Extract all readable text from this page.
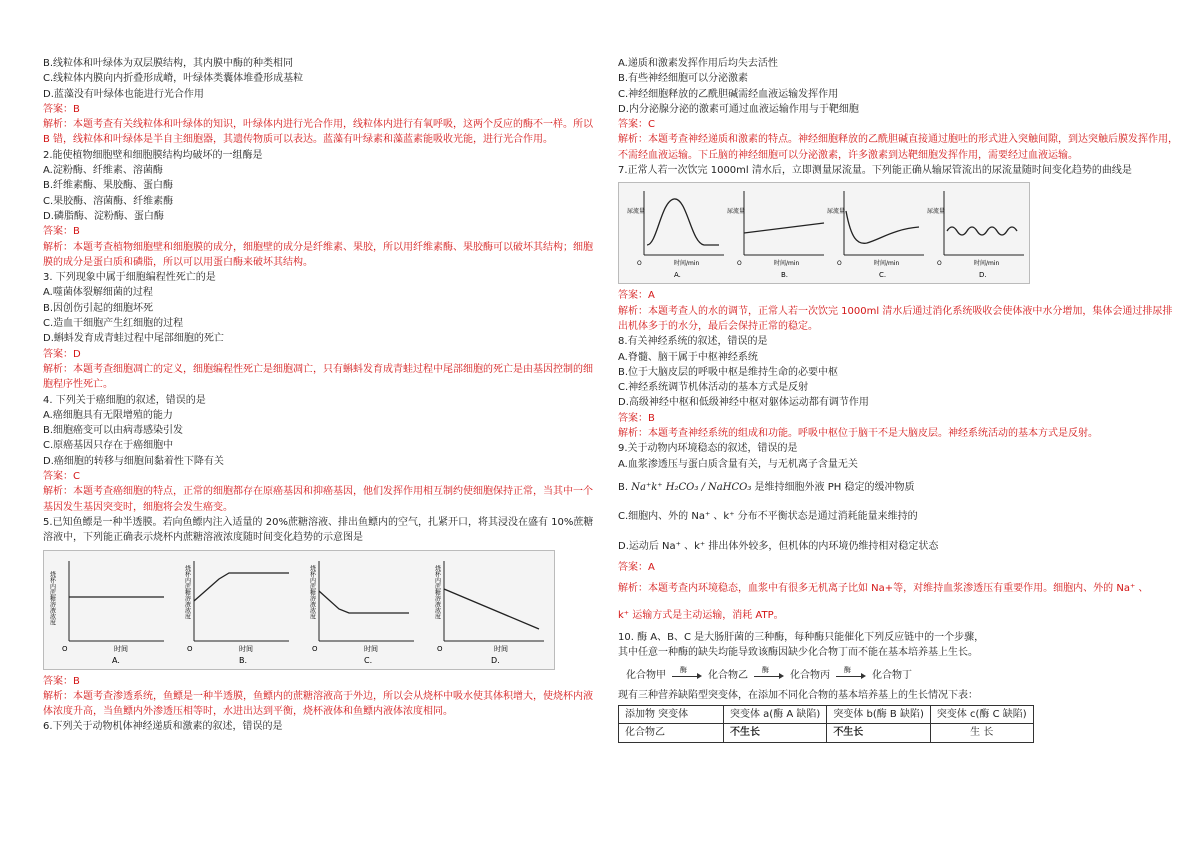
B.线粒体和叶绿体为双层膜结构，其内膜中酶的种类相同
C.线粒体内膜向内折叠形成嵴，叶绿体类囊体堆叠形成基粒
D.蓝藻没有叶绿体也能进行光合作用
答案：B
解析：本题考查有关线粒体和叶绿体的知识，叶绿体内进行光合作用，线粒体内进行有氧呼吸，这两个反应的酶不一样。所以 B 错，线粒体和叶绿体是半自主细胞器，其遗传物质可以表达。蓝藻有叶绿素和藻蓝素能吸收光能，进行光合作用。
2.能使植物细胞壁和细胞膜结构均破坏的一组酶是
A.淀粉酶、纤维素、溶菌酶
B.纤维素酶、果胶酶、蛋白酶
C.果胶酶、溶菌酶、纤维素酶
D.磷脂酶、淀粉酶、蛋白酶
答案：B
解析：本题考查植物细胞壁和细胞膜的成分，细胞壁的成分是纤维素、果胶，所以用纤维素酶、果胶酶可以破坏其结构；细胞膜的成分是蛋白质和磷脂，所以可以用蛋白酶来破坏其结构。
3. 下列现象中属于细胞编程性死亡的是
A.噬菌体裂解细菌的过程
B.因创伤引起的细胞坏死
C.造血干细胞产生红细胞的过程
D.蝌蚪发育成青蛙过程中尾部细胞的死亡
答案：D
解析：本题考查细胞凋亡的定义，细胞编程性死亡是细胞凋亡，只有蝌蚪发育成青蛙过程中尾部细胞的死亡是由基因控制的细胞程序性死亡。
4. 下列关于癌细胞的叙述，错误的是
A.癌细胞具有无限增殖的能力
B.细胞癌变可以由病毒感染引发
C.原癌基因只存在于癌细胞中
D.癌细胞的转移与细胞间黏着性下降有关
答案：C
解析：本题考查癌细胞的特点，正常的细胞都存在原癌基因和抑癌基因，他们发挥作用相互制约使细胞保持正常，当其中一个基因发生基因突变时，细胞将会发生癌变。
5.已知鱼鳔是一种半透膜。若向鱼鳔内注入适量的 20%蔗糖溶液、排出鱼鳔内的空气，扎紧开口，将其浸没在盛有 10%蔗糖溶液中，下列能正确表示烧杯内蔗糖溶液浓度随时间变化趋势的示意图是
烧杯内蔗糖溶液浓度
时间
O
A.
烧杯内蔗糖溶液浓度
时间
O
B.
烧杯内蔗糖溶液浓度
时间
O
C.
烧杯内蔗糖溶液浓度
时间
O
D.
答案：B
解析：本题考查渗透系统，鱼鳔是一种半透膜，鱼鳔内的蔗糖溶液高于外边，所以会从烧杯中吸水使其体积增大，使烧杯内液体浓度升高，当鱼鳔内外渗透压相等时，水进出达到平衡，烧杯液体和鱼鳔内液体浓度相同。
6.下列关于动物机体神经递质和激素的叙述，错误的是
A.递质和激素发挥作用后均失去活性
B.有些神经细胞可以分泌激素
C.神经细胞释放的乙酰胆碱需经血液运输发挥作用
D.内分泌腺分泌的激素可通过血液运输作用与于靶细胞
答案：C
解析：本题考查神经递质和激素的特点。神经细胞释放的乙酰胆碱直接通过胞吐的形式进入突触间隙，到达突触后膜发挥作用，不需经血液运输。下丘脑的神经细胞可以分泌激素，许多激素到达靶细胞发挥作用，需要经过血液运输。
7.正常人若一次饮完 1000ml 清水后，立即测量尿流量。下列能正确从输尿管流出的尿流量随时间变化趋势的曲线是
尿流量
时间/min
O
A.
尿流量
时间/min
O
B.
尿流量
时间/min
O
C.
尿流量
时间/min
O
D.
答案：A
解析：本题考查人的水的调节，正常人若一次饮完 1000ml 清水后通过消化系统吸收会使体液中水分增加，集体会通过排尿排出机体多于的水分，最后会保持正常的稳定。
8.有关神经系统的叙述，错误的是
A.脊髓、脑干属于中枢神经系统
B.位于大脑皮层的呼吸中枢是维持生命的必要中枢
C.神经系统调节机体活动的基本方式是反射
D.高级神经中枢和低级神经中枢对躯体运动都有调节作用
答案：B
解析：本题考查神经系统的组成和功能。呼吸中枢位于脑干不是大脑皮层。神经系统活动的基本方式是反射。
9.关于动物内环境稳态的叙述，错误的是
A.血浆渗透压与蛋白质含量有关，与无机离子含量无关
B. Na⁺k⁺ H₂CO₃ / NaHCO₃ 是维持细胞外液 PH 稳定的缓冲物质
C.细胞内、外的 Na⁺ 、k⁺ 分布不平衡状态是通过消耗能量来维持的
D.运动后 Na⁺ 、k⁺ 排出体外较多，但机体的内环境仍维持相对稳定状态
答案：A
解析：本题考查内环境稳态，血浆中有很多无机离子比如 Na+等，对维持血浆渗透压有重要作用。细胞内、外的 Na⁺ 、
k⁺ 运输方式是主动运输，消耗 ATP。
10. 酶 A、B、C 是大肠肝菌的三种酶，每种酶只能催化下列反应链中的一个步骤，
其中任意一种酶的缺失均能导致该酶因缺少化合物丁而不能在基本培养基上生长。
化合物甲
酶
化合物乙
酶
化合物丙
酶
化合物丁
现有三种营养缺陷型突变体，在添加不同化合物的基本培养基上的生长情况下表：
添加物 突变体	突变体 a(酶 A 缺陷)	突变体 b(酶 B 缺陷)	突变体 c(酶 C 缺陷)
化合物乙	不生长	不生长	生 长
